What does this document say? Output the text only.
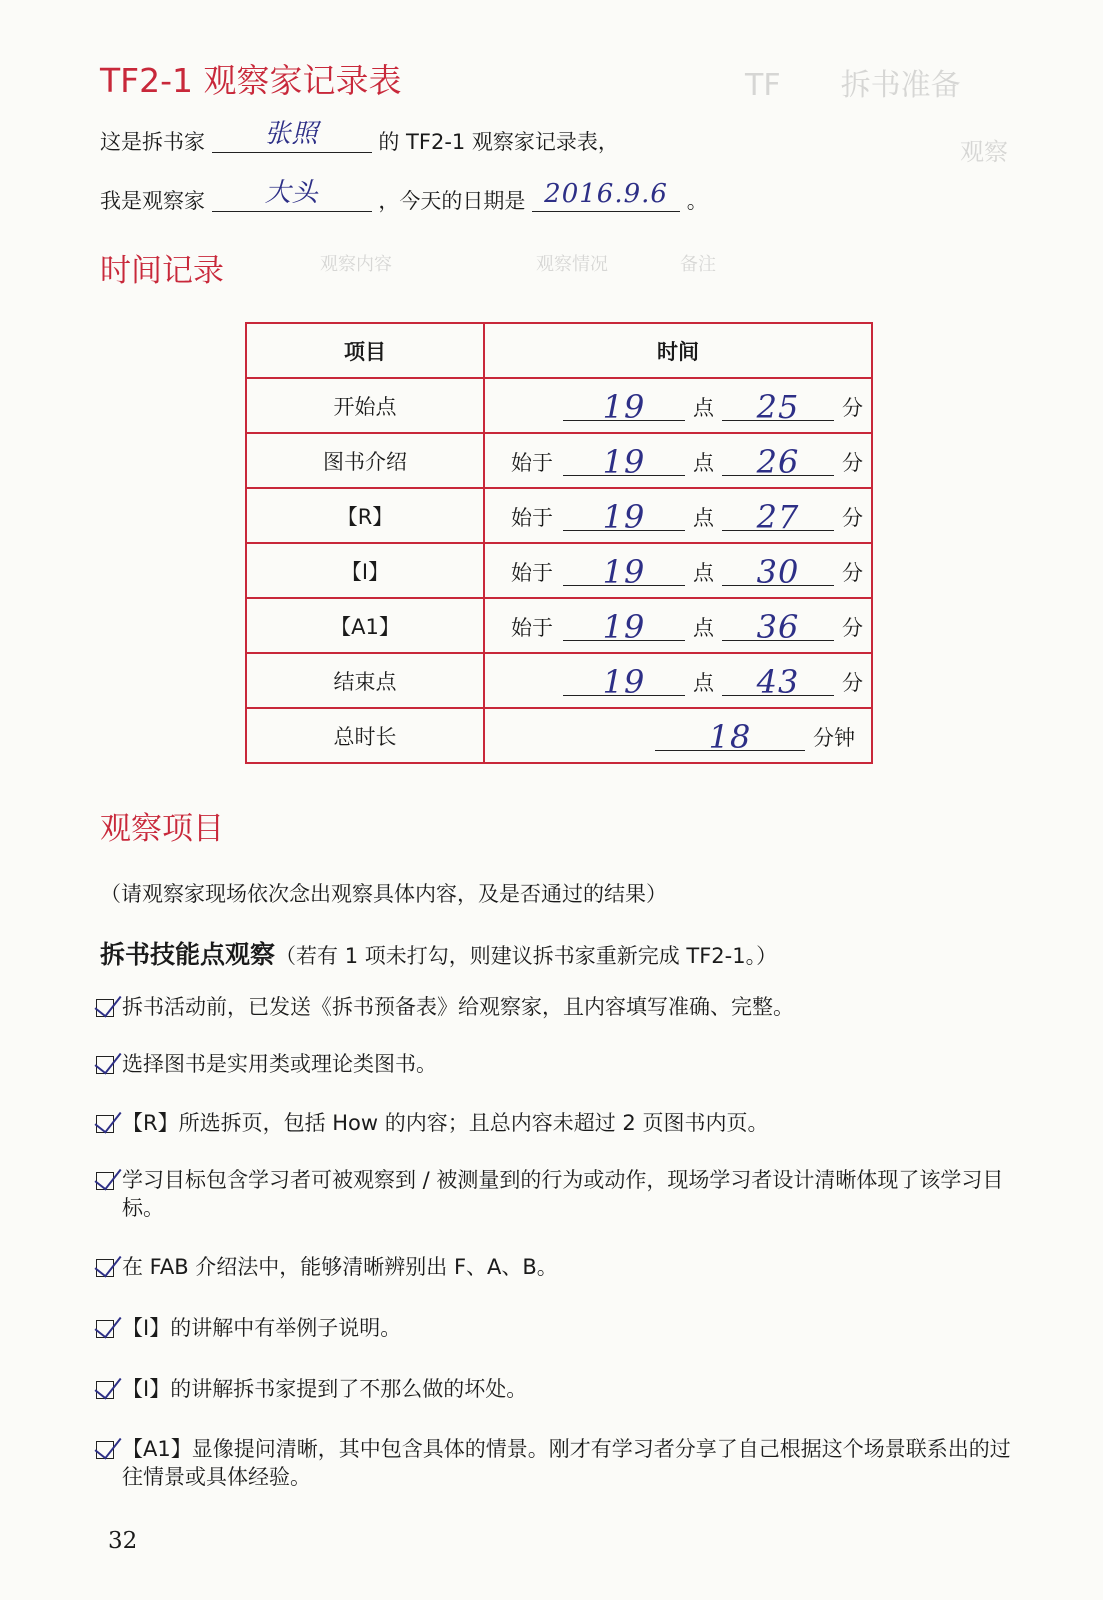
TF　　拆书准备
观察
观察内容　　　　　　　　观察情况　　　　备注
TF2-1 观察家记录表
这是拆书家	张照	的 TF2-1 观察家记录表，
我是观察家	大头	，今天的日期是 2016.9.6 。
时间记录
项目	时间
开始点	19 点 25 分
图书介绍	始于 19 点 26 分
【R】	始于 19 点 27 分
【I】	始于 19 点 30 分
【A1】	始于 19 点 36 分
结束点	19 点 43 分
总时长	18 分钟
观察项目
（请观察家现场依次念出观察具体内容，及是否通过的结果）
拆书技能点观察（若有 1 项未打勾，则建议拆书家重新完成 TF2-1。）
拆书活动前，已发送《拆书预备表》给观察家，且内容填写准确、完整。
选择图书是实用类或理论类图书。
【R】所选拆页，包括 How 的内容；且总内容未超过 2 页图书内页。
学习目标包含学习者可被观察到 / 被测量到的行为或动作，现场学习者设计清晰体现了该学习目标。
在 FAB 介绍法中，能够清晰辨别出 F、A、B。
【I】的讲解中有举例子说明。
【I】的讲解拆书家提到了不那么做的坏处。
【A1】显像提问清晰，其中包含具体的情景。刚才有学习者分享了自己根据这个场景联系出的过往情景或具体经验。
32
